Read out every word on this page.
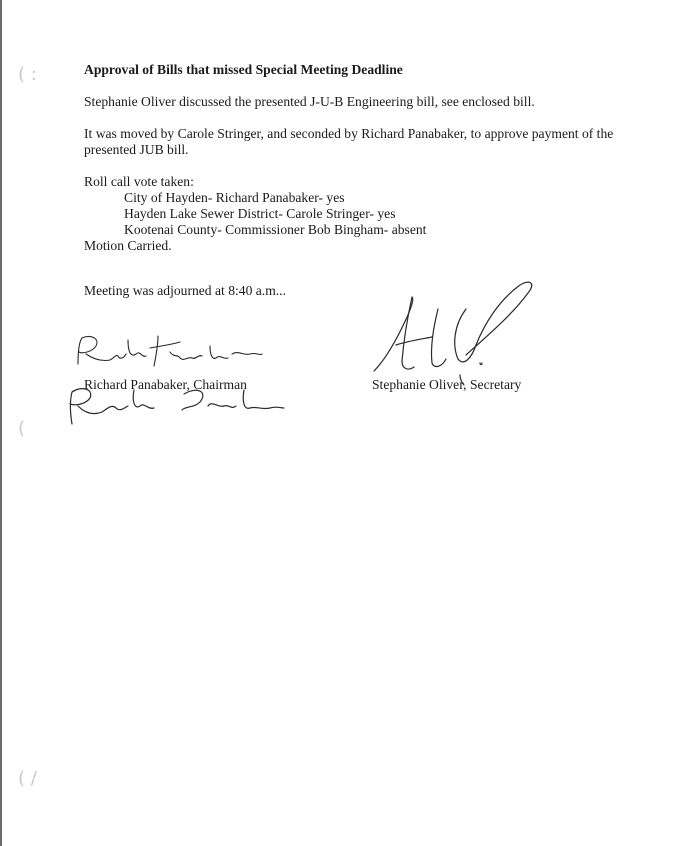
( :
(
( /
Approval of Bills that missed Special Meeting Deadline

Stephanie Oliver discussed the presented J-U-B Engineering bill, see enclosed bill.

It was moved by Carole Stringer, and seconded by Richard Panabaker, to approve payment of the presented JUB bill.

Roll call vote taken:

City of Hayden- Richard Panabaker- yes
Hayden Lake Sewer District- Carole Stringer- yes
Kootenai County- Commissioner Bob Bingham- absent

Motion Carried.

Meeting was adjourned at 8:40 a.m...

Richard Panabaker, Chairman	Stephanie Oliver, Secretary
